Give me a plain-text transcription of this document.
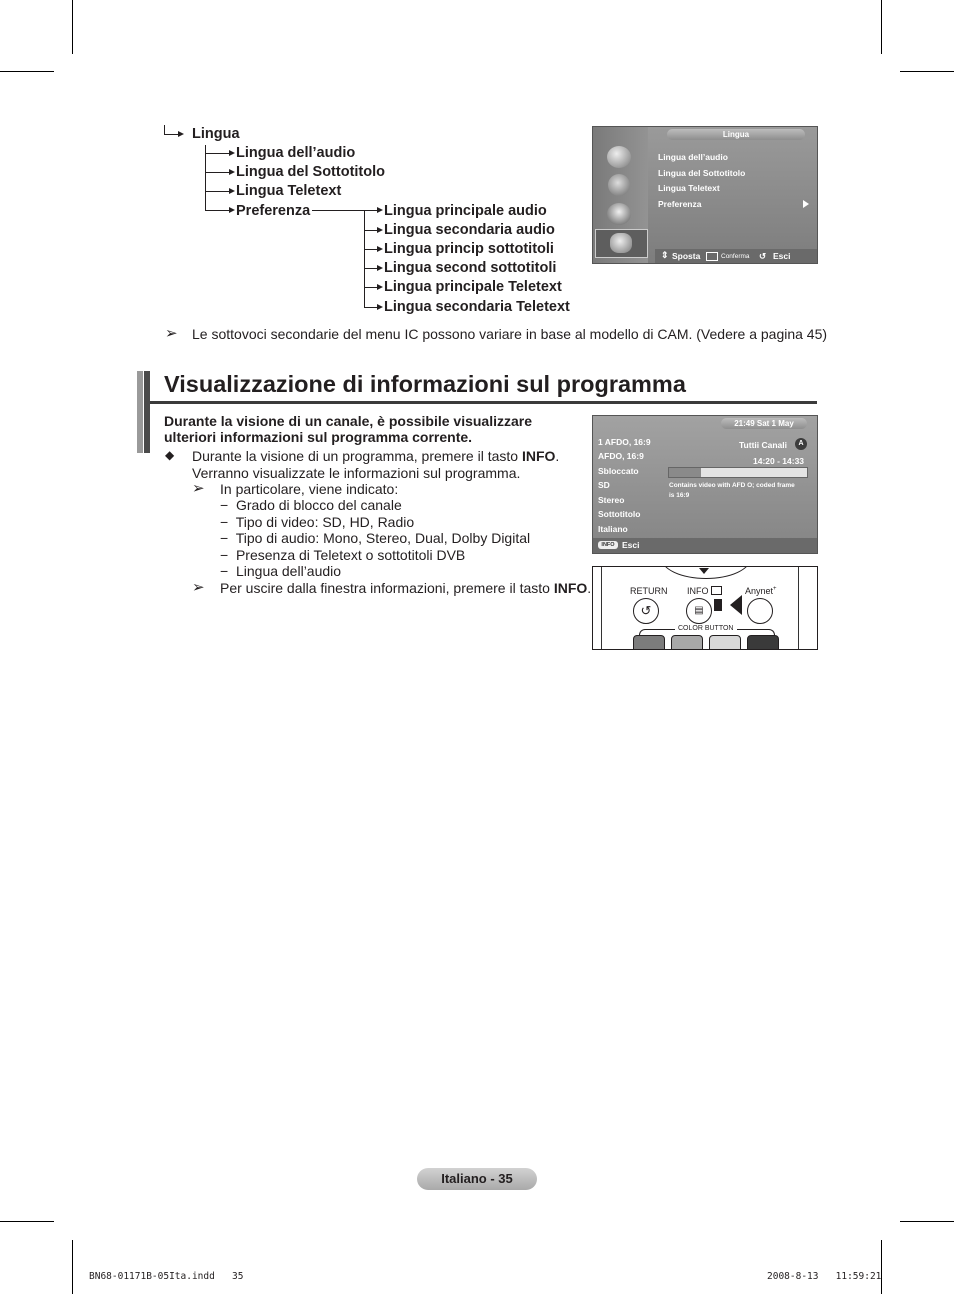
Lingua
Lingua dell’audio
Lingua del Sottotitolo
Lingua Teletext
Preferenza	Lingua principale audio
Lingua secondaria audio
Lingua princip sottotitoli
Lingua second sottotitoli
Lingua principale Teletext
Lingua secondaria Teletext
Lingua
Lingua dell’audio
Lingua del Sottotitolo
Lingua Teletext
Preferenza
⇕ Sposta	Conferma ↺ Esci
➢ Le sottovoci secondarie del menu IC possono variare in base al modello di CAM. (Vedere a pagina 45)
Visualizzazione di informazioni sul programma
Durante la visione di un canale, è possibile visualizzare
ulteriori informazioni sul programma corrente.
◆ Durante la visione di un programma, premere il tasto INFO.
Verranno visualizzate le informazioni sul programma.
➢ In particolare, viene indicato:
−  Grado di blocco del canale
−  Tipo di video: SD, HD, Radio
−  Tipo di audio: Mono, Stereo, Dual, Dolby Digital
−  Presenza di Teletext o sottotitoli DVB
−  Lingua dell’audio
➢ Per uscire dalla finestra informazioni, premere il tasto INFO.
21:49 Sat 1 May
1 AFDO, 16:9
AFDO, 16:9
Sbloccato
SD
Stereo
Sottotitolo
Italiano
Tuttii Canali	A
14:20 - 14:33
Contains video with AFD O; coded frame
is 16:9
INFO Esci
RETURN
↺
INFO
▤
Anynet+
COLOR BUTTON
Italiano - 35
BN68-01171B-05Ita.indd   35	2008-8-13   11:59:21
